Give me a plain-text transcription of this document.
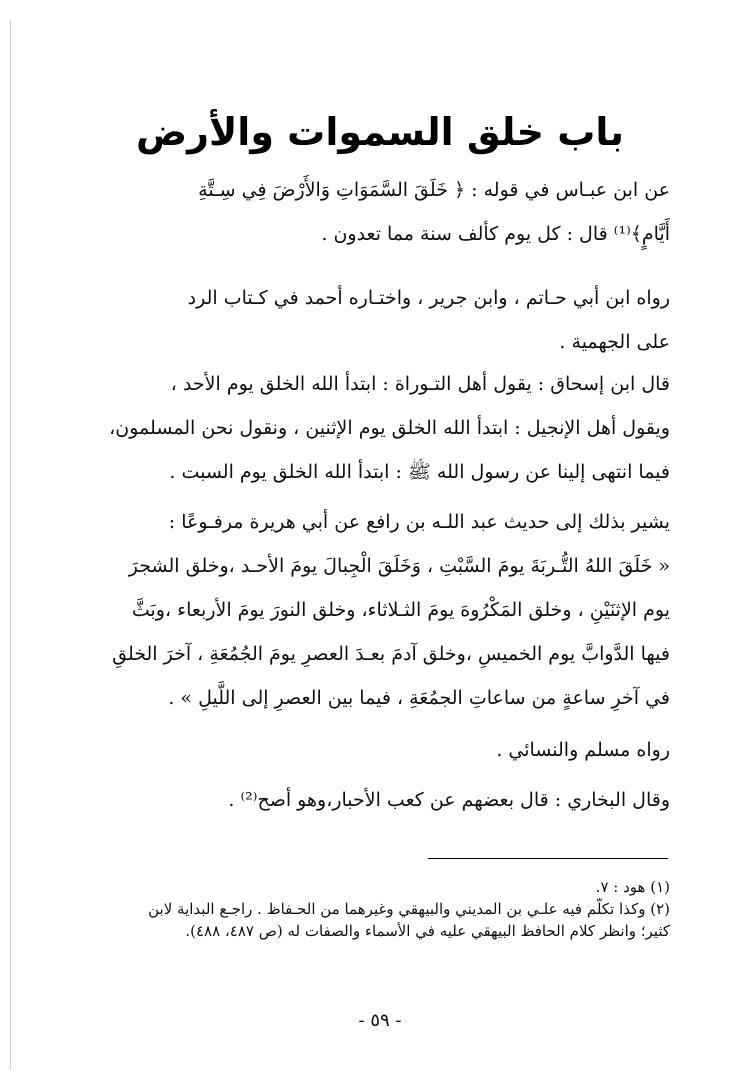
باب خلق السموات والأرض
عن ابن عبـاس في قوله : ﴿ خَلَقَ السَّمَوَاتِ وَالأَرْضَ فِي سِـتَّةِ
أَيَّامٍ﴾⁽¹⁾ قال : كل يوم كألف سنة مما تعدون .
رواه ابن أبي حـاتم ، وابن جرير ، واختـاره أحمد في كـتاب الرد
على الجهمية .
قال ابن إسحاق : يقول أهل التـوراة : ابتدأ الله الخلق يوم الأحد ،
ويقول أهل الإنجيل : ابتدأ الله الخلق يوم الإثنين ، ونقول نحن المسلمون،
فيما انتهى إلينا عن رسول الله ﷺ : ابتدأ الله الخلق يوم السبت .
يشير بذلك إلى حديث عبد اللـه بن رافع عن أبي هريرة مرفـوعًا :
« خَلَقَ اللهُ التُّـربَةَ يومَ السَّبْتِ ، وَخَلَقَ الْجِبالَ يومَ الأحـد ،وخلق الشجرَ
يوم الإثنَيْنِ ، وخلق المَكْرُوهَ يومَ الثـلاثاء، وخلق النورَ يومَ الأربعاء ،وبَثَّ
فيها الدَّوابَّ يوم الخميسِ ،وخلق آدمَ بعـدَ العصرِ يومَ الجُمُعَةِ ، آخرَ الخلقِ
في آخرِ ساعةٍ من ساعاتِ الجمُعَةِ ، فيما بين العصرِ إلى اللَّيلِ » .
رواه مسلم والنسائي .
وقال البخاري : قال بعضهم عن كعب الأحبار،وهو أصح⁽²⁾ .
(١) هود : ٧.
(٢) وكذا تكلّم فيه علـي بن المديني والبيهقي وغيرهما من الحـفاظ . راجـع البداية لابن
كثير؛ وانظر كلام الحافظ البيهقي عليه في الأسماء والصفات له (ص ٤٨٧، ٤٨٨).
- ٥٩ -
